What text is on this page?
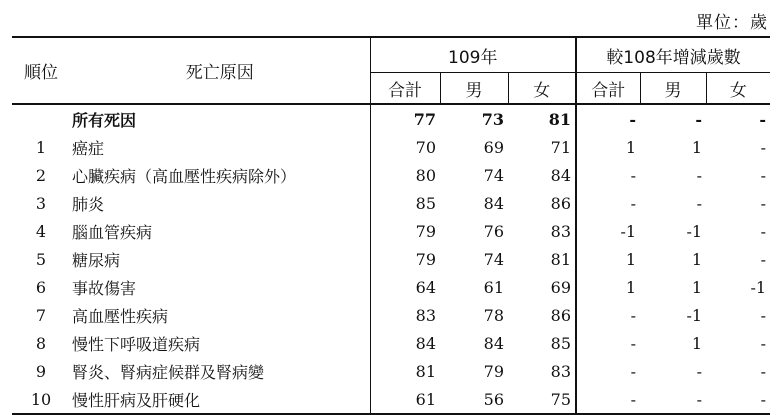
單位：歲
順位	死亡原因	109年			較108年增減歲數		
		合計	男	女	合計	男	女
	所有死因	77	73	81	-	-	-
1	癌症	70	69	71	1	1	-
2	心臟疾病（高血壓性疾病除外）	80	74	84	-	-	-
3	肺炎	85	84	86	-	-	-
4	腦血管疾病	79	76	83	-1	-1	-
5	糖尿病	79	74	81	1	1	-
6	事故傷害	64	61	69	1	1	-1
7	高血壓性疾病	83	78	86	-	-1	-
8	慢性下呼吸道疾病	84	84	85	-	1	-
9	腎炎、腎病症候群及腎病變	81	79	83	-	-	-
10	慢性肝病及肝硬化	61	56	75	-	-	-
